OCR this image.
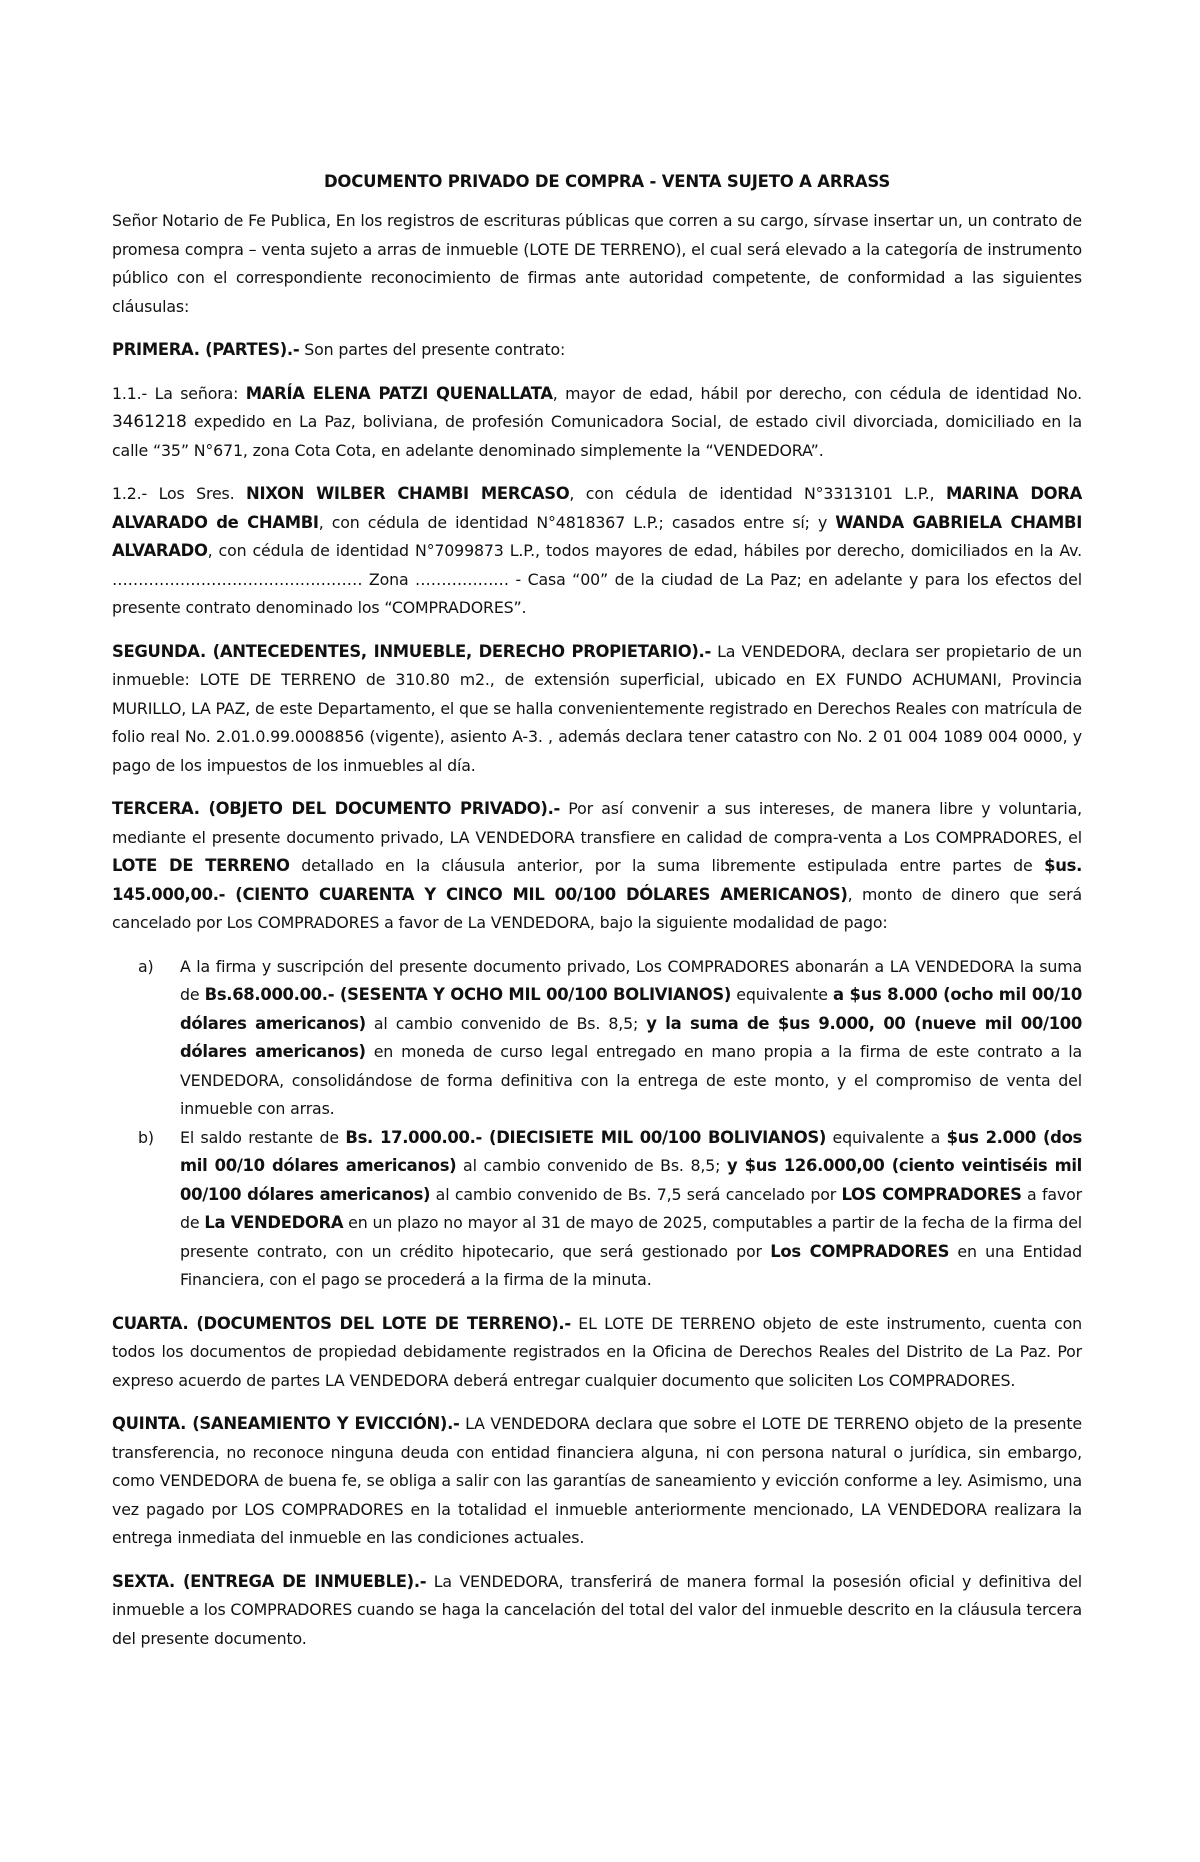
DOCUMENTO PRIVADO DE COMPRA - VENTA SUJETO A ARRASS

Señor Notario de Fe Publica, En los registros de escrituras públicas que corren a su cargo, sírvase insertar un, un contrato de promesa compra – venta sujeto a arras de inmueble (LOTE DE TERRENO), el cual será elevado a la categoría de instrumento público con el correspondiente reconocimiento de firmas ante autoridad competente, de conformidad a las siguientes cláusulas:

PRIMERA. (PARTES).- Son partes del presente contrato:

1.1.- La señora: MARÍA ELENA PATZI QUENALLATA, mayor de edad, hábil por derecho, con cédula de identidad No. 3461218 expedido en La Paz, boliviana, de profesión Comunicadora Social, de estado civil divorciada, domiciliado en la calle “35” N°671, zona Cota Cota, en adelante denominado simplemente la “VENDEDORA”.

1.2.- Los Sres. NIXON WILBER CHAMBI MERCASO, con cédula de identidad N°3313101 L.P., MARINA DORA ALVARADO de CHAMBI, con cédula de identidad N°4818367 L.P.; casados entre sí; y WANDA GABRIELA CHAMBI ALVARADO, con cédula de identidad N°7099873 L.P., todos mayores de edad, hábiles por derecho, domiciliados en la Av. ………………………………………… Zona ……………… - Casa “00” de la ciudad de La Paz; en adelante y para los efectos del presente contrato denominado los “COMPRADORES”.

SEGUNDA. (ANTECEDENTES, INMUEBLE, DERECHO PROPIETARIO).- La VENDEDORA, declara ser propietario de un inmueble: LOTE DE TERRENO de 310.80 m2., de extensión superficial, ubicado en EX FUNDO ACHUMANI, Provincia MURILLO, LA PAZ, de este Departamento, el que se halla convenientemente registrado en Derechos Reales con matrícula de folio real No. 2.01.0.99.0008856 (vigente), asiento A-3. , además declara tener catastro con No. 2 01 004 1089 004 0000, y pago de los impuestos de los inmuebles al día.

TERCERA. (OBJETO DEL DOCUMENTO PRIVADO).- Por así convenir a sus intereses, de manera libre y voluntaria, mediante el presente documento privado, LA VENDEDORA transfiere en calidad de compra-venta a Los COMPRADORES, el LOTE DE TERRENO detallado en la cláusula anterior, por la suma libremente estipulada entre partes de $us. 145.000,00.- (CIENTO CUARENTA Y CINCO MIL 00/100 DÓLARES AMERICANOS), monto de dinero que será cancelado por Los COMPRADORES a favor de La VENDEDORA, bajo la siguiente modalidad de pago:

a) A la firma y suscripción del presente documento privado, Los COMPRADORES abonarán a LA VENDEDORA la suma de Bs.68.000.00.- (SESENTA Y OCHO MIL 00/100 BOLIVIANOS) equivalente a $us 8.000 (ocho mil 00/10 dólares americanos) al cambio convenido de Bs. 8,5; y la suma de $us 9.000, 00 (nueve mil 00/100 dólares americanos) en moneda de curso legal entregado en mano propia a la firma de este contrato a la VENDEDORA, consolidándose de forma definitiva con la entrega de este monto, y el compromiso de venta del inmueble con arras.
b) El saldo restante de Bs. 17.000.00.- (DIECISIETE MIL 00/100 BOLIVIANOS) equivalente a $us 2.000 (dos mil 00/10 dólares americanos) al cambio convenido de Bs. 8,5; y $us 126.000,00 (ciento veintiséis mil 00/100 dólares americanos) al cambio convenido de Bs. 7,5 será cancelado por LOS COMPRADORES a favor de La VENDEDORA en un plazo no mayor al 31 de mayo de 2025, computables a partir de la fecha de la firma del presente contrato, con un crédito hipotecario, que será gestionado por Los COMPRADORES en una Entidad Financiera, con el pago se procederá a la firma de la minuta.

CUARTA. (DOCUMENTOS DEL LOTE DE TERRENO).- EL LOTE DE TERRENO objeto de este instrumento, cuenta con todos los documentos de propiedad debidamente registrados en la Oficina de Derechos Reales del Distrito de La Paz. Por expreso acuerdo de partes LA VENDEDORA deberá entregar cualquier documento que soliciten Los COMPRADORES.

QUINTA. (SANEAMIENTO Y EVICCIÓN).- LA VENDEDORA declara que sobre el LOTE DE TERRENO objeto de la presente transferencia, no reconoce ninguna deuda con entidad financiera alguna, ni con persona natural o jurídica, sin embargo, como VENDEDORA de buena fe, se obliga a salir con las garantías de saneamiento y evicción conforme a ley. Asimismo, una vez pagado por LOS COMPRADORES en la totalidad el inmueble anteriormente mencionado, LA VENDEDORA realizara la entrega inmediata del inmueble en las condiciones actuales.

SEXTA. (ENTREGA DE INMUEBLE).- La VENDEDORA, transferirá de manera formal la posesión oficial y definitiva del inmueble a los COMPRADORES cuando se haga la cancelación del total del valor del inmueble descrito en la cláusula tercera del presente documento.
